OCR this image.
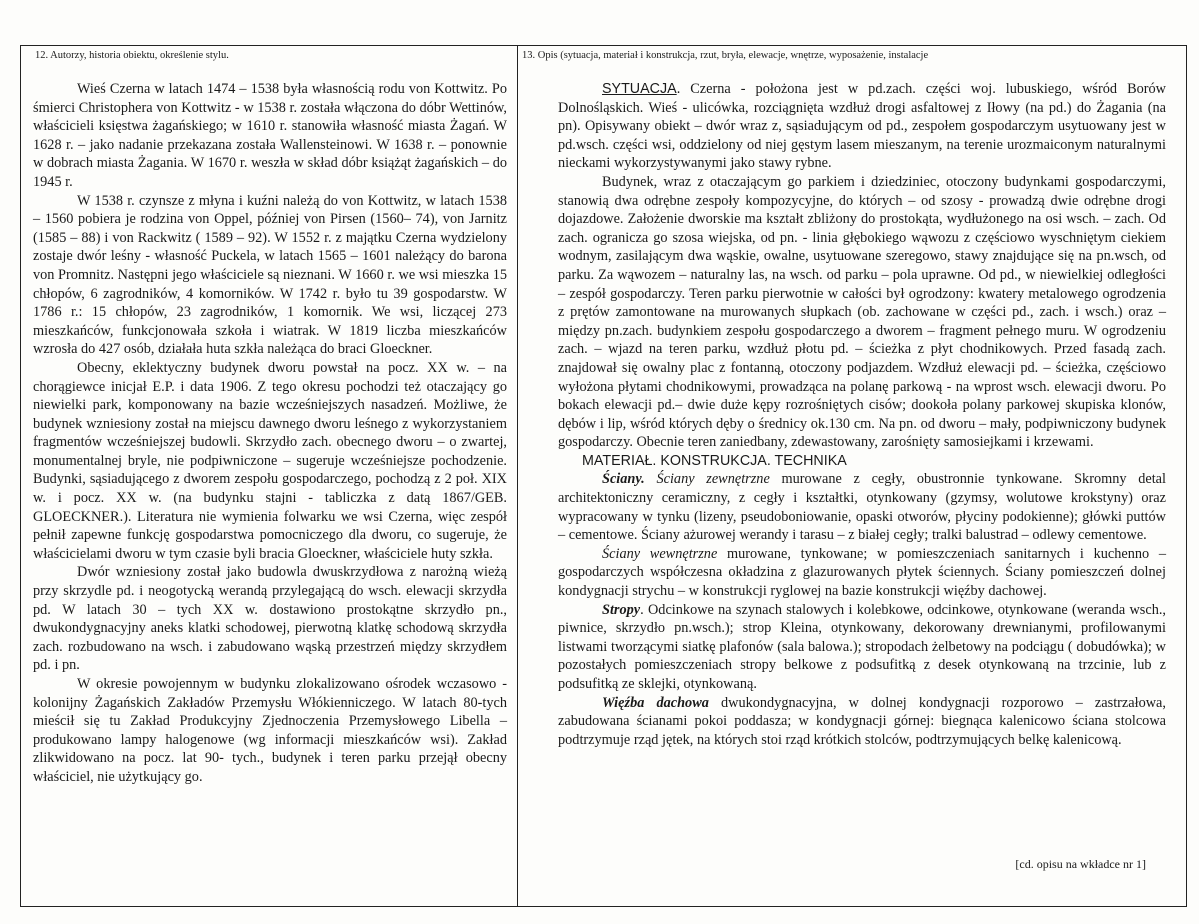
12. Autorzy, historia obiektu, określenie stylu.

Wieś Czerna w latach 1474 – 1538 była własnością rodu von Kottwitz. Po śmierci Christophera von Kottwitz - w 1538 r. została włączona do dóbr Wettinów, właścicieli księstwa żagańskiego; w 1610 r. stanowiła własność miasta Żagań. W 1628 r. – jako nadanie przekazana została Wallensteinowi. W 1638 r. – ponownie w dobrach miasta Żagania. W 1670 r. weszła w skład dóbr książąt żagańskich – do 1945 r.

W 1538 r. czynsze z młyna i kuźni należą do von Kottwitz, w latach 1538 – 1560 pobiera je rodzina von Oppel, później von Pirsen (1560– 74), von Jarnitz (1585 – 88) i von Rackwitz ( 1589 – 92). W 1552 r. z majątku Czerna wydzielony zostaje dwór leśny - własność Puckela, w latach 1565 – 1601 należący do barona von Promnitz. Następni jego właściciele są nieznani. W 1660 r. we wsi mieszka 15 chłopów, 6 zagrodników, 4 komorników. W 1742 r. było tu 39 gospodarstw. W 1786 r.: 15 chłopów, 23 zagrodników, 1 komornik. We wsi, liczącej 273 mieszkańców, funkcjonowała szkoła i wiatrak. W 1819 liczba mieszkańców wzrosła do 427 osób, działała huta szkła należąca do braci Gloeckner.

Obecny, eklektyczny budynek dworu powstał na pocz. XX w. – na chorągiewce inicjał E.P. i data 1906. Z tego okresu pochodzi też otaczający go niewielki park, komponowany na bazie wcześniejszych nasadzeń. Możliwe, że budynek wzniesiony został na miejscu dawnego dworu leśnego z wykorzystaniem fragmentów wcześniejszej budowli. Skrzydło zach. obecnego dworu – o zwartej, monumentalnej bryle, nie podpiwniczone – sugeruje wcześniejsze pochodzenie. Budynki, sąsiadującego z dworem zespołu gospodarczego, pochodzą z 2 poł. XIX w. i pocz. XX w. (na budynku stajni - tabliczka z datą 1867/GEB. GLOECKNER.). Literatura nie wymienia folwarku we wsi Czerna, więc zespół pełnił zapewne funkcję gospodarstwa pomocniczego dla dworu, co sugeruje, że właścicielami dworu w tym czasie byli bracia Gloeckner, właściciele huty szkła.

Dwór wzniesiony został jako budowla dwuskrzydłowa z narożną wieżą przy skrzydle pd. i neogotycką werandą przylegającą do wsch. elewacji skrzydła pd. W latach 30 – tych XX w. dostawiono prostokątne skrzydło pn., dwukondygnacyjny aneks klatki schodowej, pierwotną klatkę schodową skrzydła zach. rozbudowano na wsch. i zabudowano wąską przestrzeń między skrzydłem pd. i pn.

W okresie powojennym w budynku zlokalizowano ośrodek wczasowo - kolonijny Żagańskich Zakładów Przemysłu Włókienniczego. W latach 80-tych mieścił się tu Zakład Produkcyjny Zjednoczenia Przemysłowego Libella – produkowano lampy halogenowe (wg informacji mieszkańców wsi). Zakład zlikwidowano na pocz. lat 90- tych., budynek i teren parku przejął obecny właściciel, nie użytkujący go.

13. Opis (sytuacja, materiał i konstrukcja, rzut, bryła, elewacje, wnętrze, wyposażenie, instalacje

SYTUACJA. Czerna - położona jest w pd.zach. części woj. lubuskiego, wśród Borów Dolnośląskich. Wieś - ulicówka, rozciągnięta wzdłuż drogi asfaltowej z Iłowy (na pd.) do Żagania (na pn). Opisywany obiekt – dwór wraz z, sąsiadującym od pd., zespołem gospodarczym usytuowany jest w pd.wsch. części wsi, oddzielony od niej gęstym lasem mieszanym, na terenie urozmaiconym naturalnymi nieckami wykorzystywanymi jako stawy rybne.

Budynek, wraz z otaczającym go parkiem i dziedziniec, otoczony budynkami gospodarczymi, stanowią dwa odrębne zespoły kompozycyjne, do których – od szosy - prowadzą dwie odrębne drogi dojazdowe. Założenie dworskie ma kształt zbliżony do prostokąta, wydłużonego na osi wsch. – zach. Od zach. ogranicza go szosa wiejska, od pn. - linia głębokiego wąwozu z częściowo wyschniętym ciekiem wodnym, zasilającym dwa wąskie, owalne, usytuowane szeregowo, stawy znajdujące się na pn.wsch, od parku. Za wąwozem – naturalny las, na wsch. od parku – pola uprawne. Od pd., w niewielkiej odległości – zespół gospodarczy. Teren parku pierwotnie w całości był ogrodzony: kwatery metalowego ogrodzenia z prętów zamontowane na murowanych słupkach (ob. zachowane w części pd., zach. i wsch.) oraz – między pn.zach. budynkiem zespołu gospodarczego a dworem – fragment pełnego muru. W ogrodzeniu zach. – wjazd na teren parku, wzdłuż płotu pd. – ścieżka z płyt chodnikowych. Przed fasadą zach. znajdował się owalny plac z fontanną, otoczony podjazdem. Wzdłuż elewacji pd. – ścieżka, częściowo wyłożona płytami chodnikowymi, prowadząca na polanę parkową - na wprost wsch. elewacji dworu. Po bokach elewacji pd.– dwie duże kępy rozrośniętych cisów; dookoła polany parkowej skupiska klonów, dębów i lip, wśród których dęby o średnicy ok.130 cm. Na pn. od dworu – mały, podpiwniczony budynek gospodarczy. Obecnie teren zaniedbany, zdewastowany, zarośnięty samosiejkami i krzewami.

MATERIAŁ. KONSTRUKCJA. TECHNIKA

Ściany. Ściany zewnętrzne murowane z cegły, obustronnie tynkowane. Skromny detal architektoniczny ceramiczny, z cegły i kształtki, otynkowany (gzymsy, wolutowe krokstyny) oraz wypracowany w tynku (lizeny, pseudoboniowanie, opaski otworów, płyciny podokienne); główki puttów – cementowe. Ściany ażurowej werandy i tarasu – z białej cegły; tralki balustrad – odlewy cementowe.

Ściany wewnętrzne murowane, tynkowane; w pomieszczeniach sanitarnych i kuchenno – gospodarczych współczesna okładzina z glazurowanych płytek ściennych. Ściany pomieszczeń dolnej kondygnacji strychu – w konstrukcji ryglowej na bazie konstrukcji więźby dachowej.

Stropy. Odcinkowe na szynach stalowych i kolebkowe, odcinkowe, otynkowane (weranda wsch., piwnice, skrzydło pn.wsch.); strop Kleina, otynkowany, dekorowany drewnianymi, profilowanymi listwami tworzącymi siatkę plafonów (sala balowa.); stropodach żelbetowy na podciągu ( dobudówka); w pozostałych pomieszczeniach stropy belkowe z podsufitką z desek otynkowaną na trzcinie, lub z podsufitką ze sklejki, otynkowaną.

Więźba dachowa dwukondygnacyjna, w dolnej kondygnacji rozporowo – zastrzałowa, zabudowana ścianami pokoi poddasza; w kondygnacji górnej: biegnąca kalenicowo ściana stolcowa podtrzymuje rząd jętek, na których stoi rząd krótkich stolców, podtrzymujących belkę kalenicową.

[cd. opisu na wkładce nr 1]
